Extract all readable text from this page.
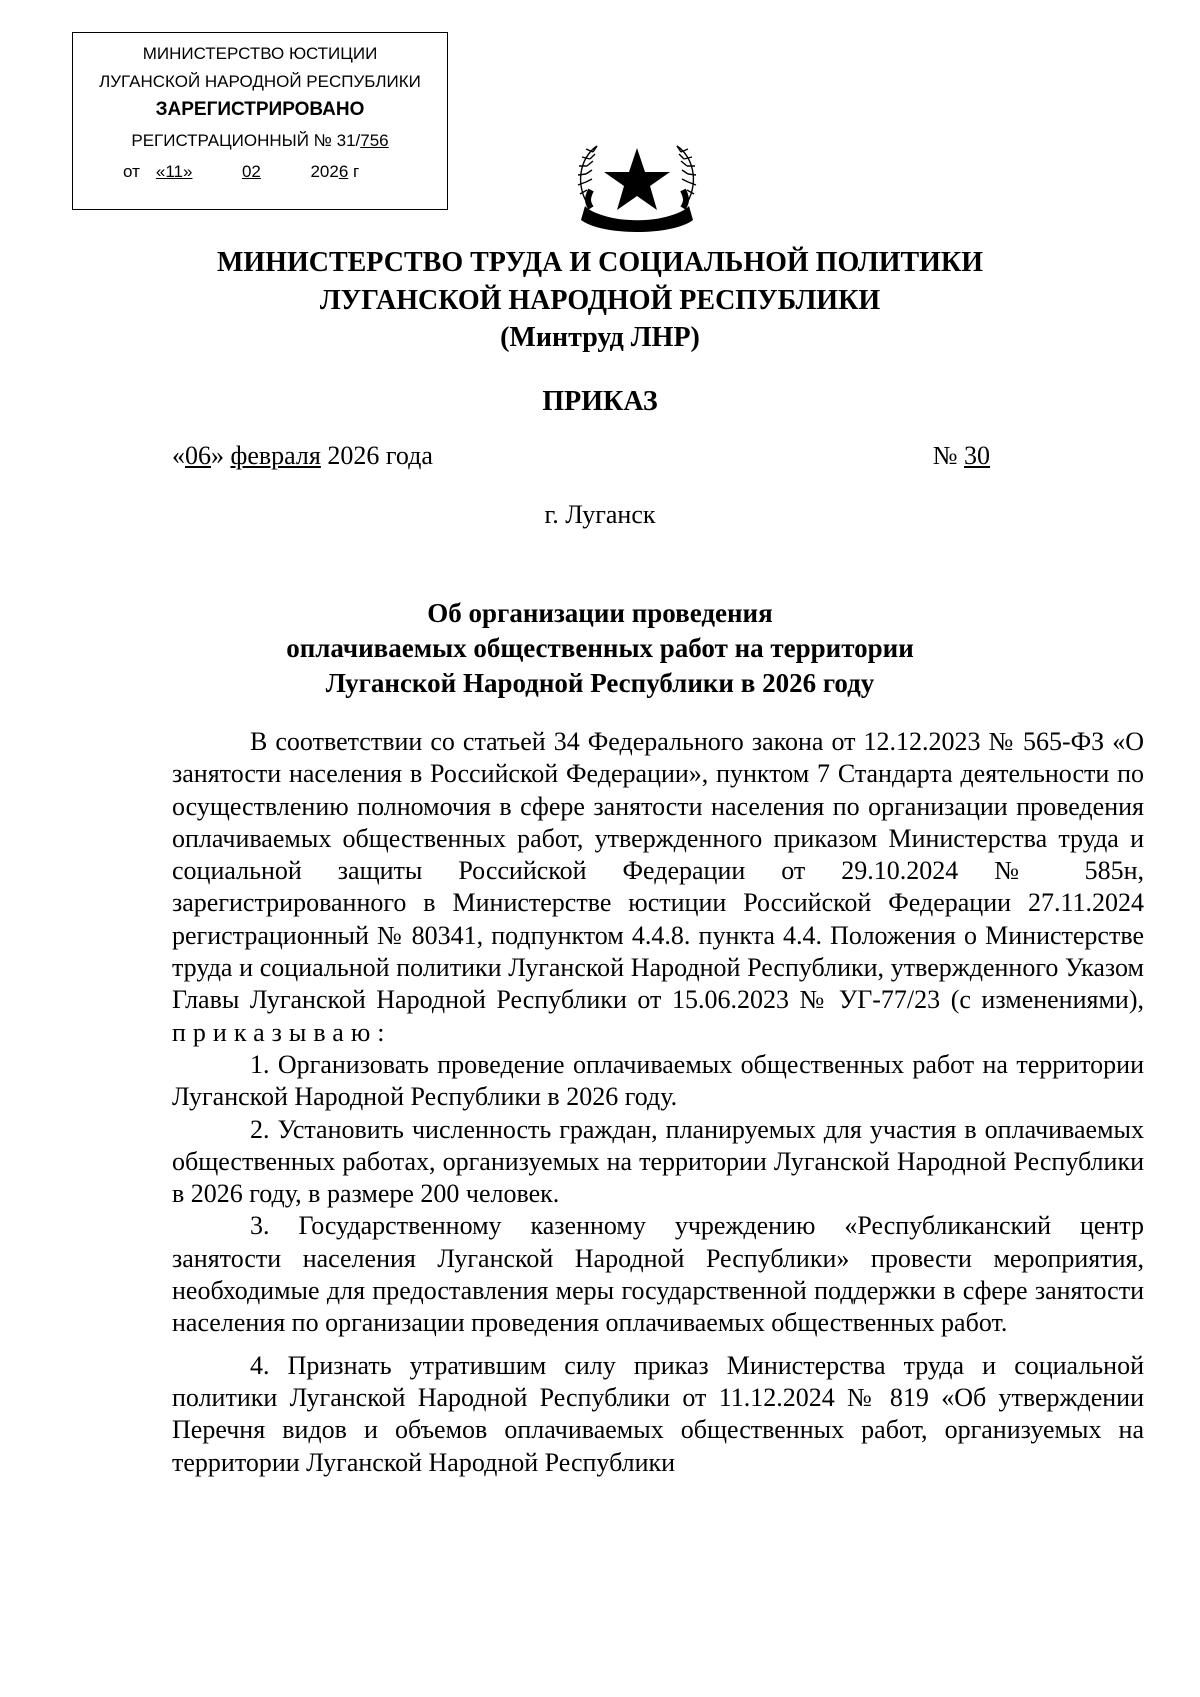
МИНИСТЕРСТВО ЮСТИЦИИ
ЛУГАНСКОЙ НАРОДНОЙ РЕСПУБЛИКИ
ЗАРЕГИСТРИРОВАНО
РЕГИСТРАЦИОННЫЙ № 31/756
от «11»	02	2026 г
МИНИСТЕРСТВО ТРУДА И СОЦИАЛЬНОЙ ПОЛИТИКИ
ЛУГАНСКОЙ НАРОДНОЙ РЕСПУБЛИКИ
(Минтруд ЛНР)
ПРИКАЗ
«06» февраля 2026 года	№ 30
г. Луганск
Об организации проведения
оплачиваемых общественных работ на территории
Луганской Народной Республики в 2026 году

В соответствии со статьей 34 Федерального закона от 12.12.2023 № 565-ФЗ «О занятости населения в Российской Федерации», пунктом 7 Стандарта деятельности по осуществлению полномочия в сфере занятости населения по организации проведения оплачиваемых общественных работ, утвержденного приказом Министерства труда и социальной защиты Российской Федерации от 29.10.2024 № 585н, зарегистрированного в Министерстве юстиции Российской Федерации 27.11.2024 регистрационный № 80341, подпунктом 4.4.8. пункта 4.4. Положения о Министерстве труда и социальной политики Луганской Народной Республики, утвержденного Указом Главы Луганской Народной Республики от 15.06.2023 № УГ-77/23 (с изменениями), приказываю:

1. Организовать проведение оплачиваемых общественных работ на территории Луганской Народной Республики в 2026 году.

2. Установить численность граждан, планируемых для участия в оплачиваемых общественных работах, организуемых на территории Луганской Народной Республики в 2026 году, в размере 200 человек.

3. Государственному казенному учреждению «Республиканский центр занятости населения Луганской Народной Республики» провести мероприятия, необходимые для предоставления меры государственной поддержки в сфере занятости населения по организации проведения оплачиваемых общественных работ.

4. Признать утратившим силу приказ Министерства труда и социальной политики Луганской Народной Республики от 11.12.2024 № 819 «Об утверждении Перечня видов и объемов оплачиваемых общественных работ, организуемых на территории Луганской Народной Республики
